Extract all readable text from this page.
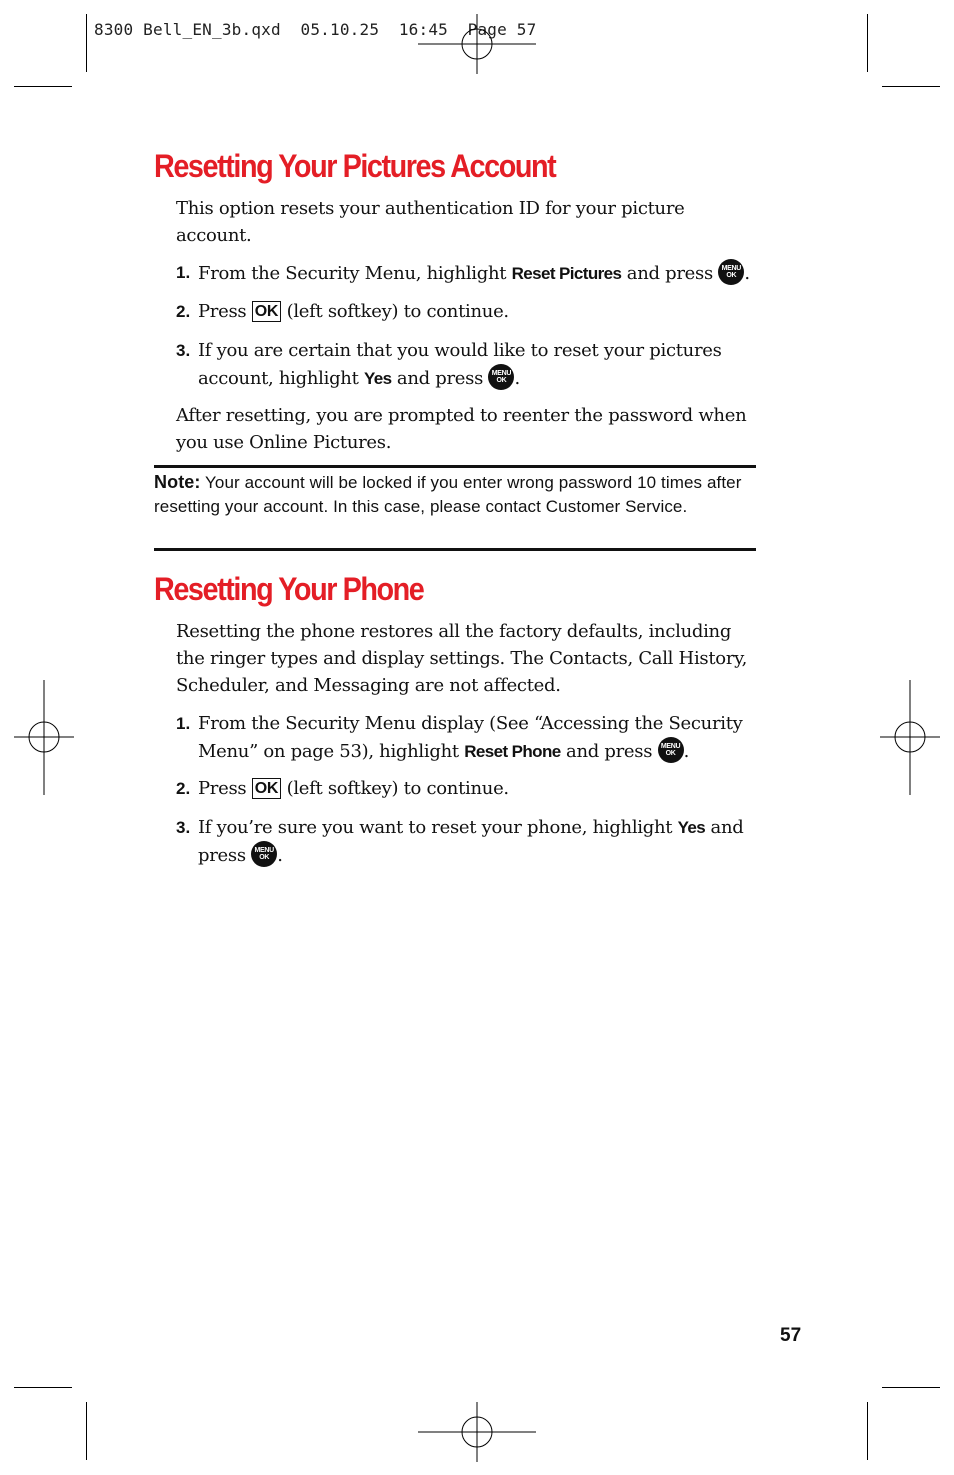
8300 Bell_EN_3b.qxd  05.10.25  16:45  Page 57
Resetting Your Pictures Account

This option resets your authentication ID for your picture account.

1. From the Security Menu, highlight Reset Pictures and press MENU
OK .
2. Press OK (left softkey) to continue.
3. If you are certain that you would like to reset your pictures account, highlight Yes and press MENU
OK .

After resetting, you are prompted to reenter the password when you use Online Pictures.

Note: Your account will be locked if you enter wrong password 10 times after resetting your account. In this case, please contact Customer Service.

Resetting Your Phone

Resetting the phone restores all the factory defaults, including the ringer types and display settings. The Contacts, Call History, Scheduler, and Messaging are not affected.

1. From the Security Menu display (See “Accessing the Security Menu” on page 53), highlight Reset Phone and press MENU
OK .
2. Press OK (left softkey) to continue.
3. If you’re sure you want to reset your phone, highlight Yes and press MENU
OK .
57
